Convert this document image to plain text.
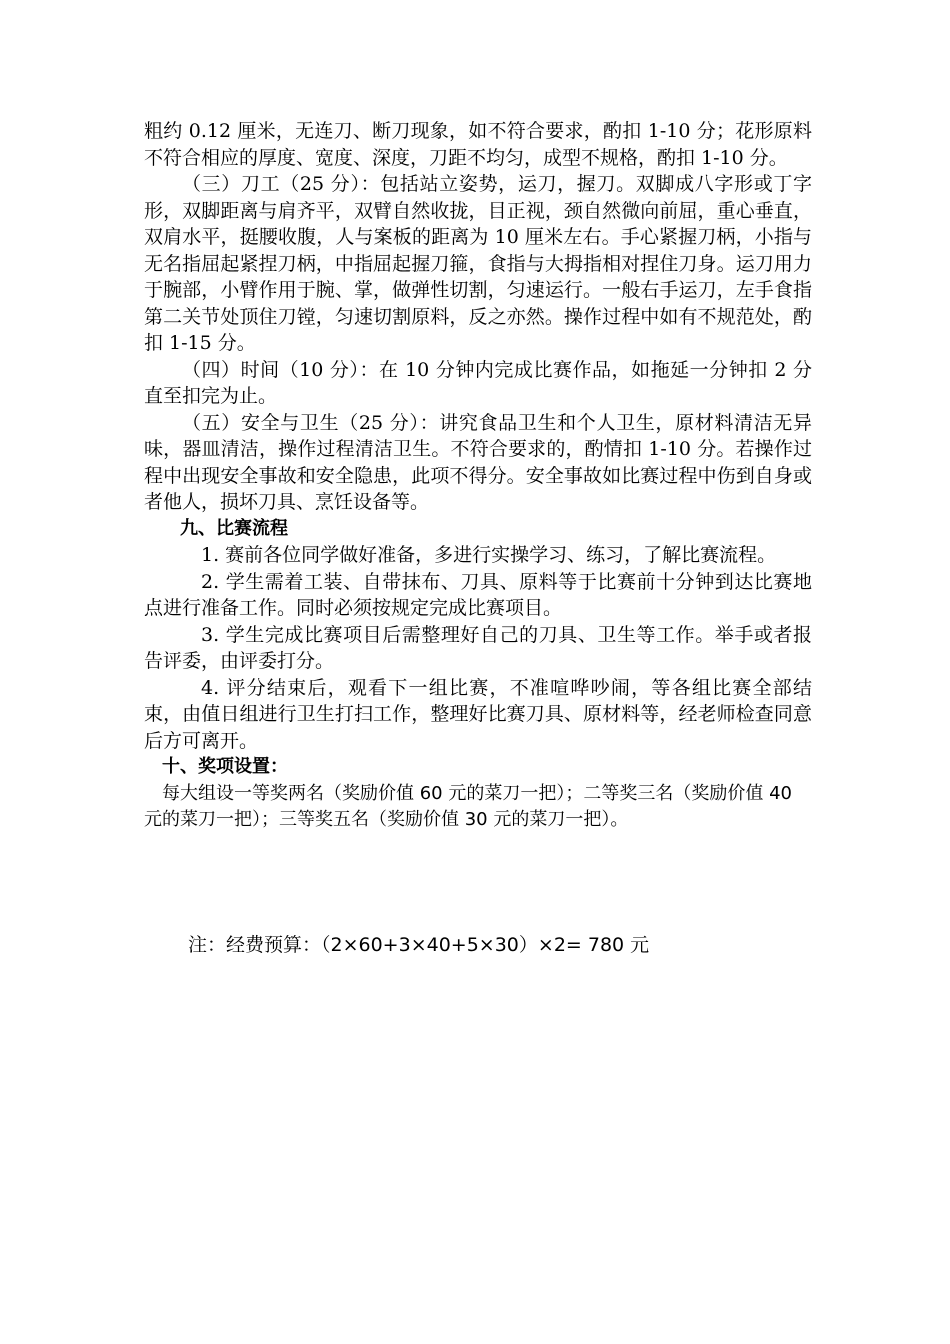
粗约 0.12 厘米，无连刀、断刀现象，如不符合要求，酌扣 1-10 分；花形原料不符合相应的厚度、宽度、深度，刀距不均匀，成型不规格，酌扣 1-10 分。

（三）刀工（25 分）：包括站立姿势，运刀，握刀。双脚成八字形或丁字形，双脚距离与肩齐平，双臂自然收拢，目正视，颈自然微向前屈，重心垂直，双肩水平，挺腰收腹，人与案板的距离为 10 厘米左右。手心紧握刀柄，小指与无名指屈起紧捏刀柄，中指屈起握刀箍，食指与大拇指相对捏住刀身。运刀用力于腕部，小臂作用于腕、掌，做弹性切割，匀速运行。一般右手运刀，左手食指第二关节处顶住刀镗，匀速切割原料，反之亦然。操作过程中如有不规范处，酌扣 1-15 分。

（四）时间（10 分）：在 10 分钟内完成比赛作品，如拖延一分钟扣 2 分直至扣完为止。

（五）安全与卫生（25 分）：讲究食品卫生和个人卫生，原材料清洁无异味，器皿清洁，操作过程清洁卫生。不符合要求的，酌情扣 1-10 分。若操作过程中出现安全事故和安全隐患，此项不得分。安全事故如比赛过程中伤到自身或者他人，损坏刀具、烹饪设备等。

九、比赛流程

1. 赛前各位同学做好准备，多进行实操学习、练习，了解比赛流程。

2. 学生需着工装、自带抹布、刀具、原料等于比赛前十分钟到达比赛地点进行准备工作。同时必须按规定完成比赛项目。

3. 学生完成比赛项目后需整理好自己的刀具、卫生等工作。举手或者报告评委，由评委打分。

4. 评分结束后，观看下一组比赛，不准喧哗吵闹，等各组比赛全部结束，由值日组进行卫生打扫工作，整理好比赛刀具、原材料等，经老师检查同意后方可离开。

十、奖项设置：

每大组设一等奖两名（奖励价值 60 元的菜刀一把）；二等奖三名（奖励价值 40 元的菜刀一把）；三等奖五名（奖励价值 30 元的菜刀一把）。

注：经费预算：（2×60+3×40+5×30）×2= 780 元
